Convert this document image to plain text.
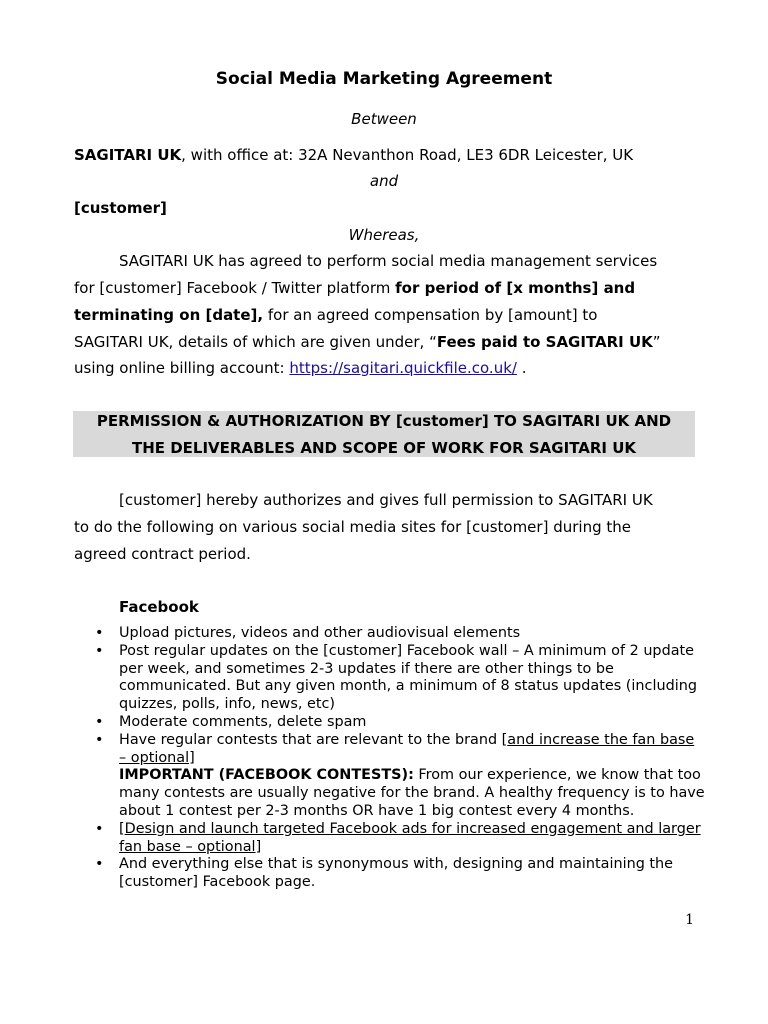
Social Media Marketing Agreement
Between
SAGITARI UK, with office at: 32A Nevanthon Road, LE3 6DR Leicester, UK
and
[customer]
Whereas,
SAGITARI UK has agreed to perform social media management services
for [customer] Facebook / Twitter platform for period of [x months] and
terminating on [date], for an agreed compensation by [amount] to
SAGITARI UK, details of which are given under, “Fees paid to SAGITARI UK”
using online billing account: https://sagitari.quickfile.co.uk/ .
PERMISSION & AUTHORIZATION BY [customer] TO SAGITARI UK AND
THE DELIVERABLES AND SCOPE OF WORK FOR SAGITARI UK
[customer] hereby authorizes and gives full permission to SAGITARI UK
to do the following on various social media sites for [customer] during the
agreed contract period.
Facebook
• Upload pictures, videos and other audiovisual elements
• Post regular updates on the [customer] Facebook wall – A minimum of 2 update per week, and sometimes 2-3 updates if there are other things to be communicated. But any given month, a minimum of 8 status updates (including quizzes, polls, info, news, etc)
• Moderate comments, delete spam
• Have regular contests that are relevant to the brand [and increase the fan base – optional]
IMPORTANT (FACEBOOK CONTESTS): From our experience, we know that too many contests are usually negative for the brand. A healthy frequency is to have about 1 contest per 2-3 months OR have 1 big contest every 4 months.
• [Design and launch targeted Facebook ads for increased engagement and larger fan base – optional]
• And everything else that is synonymous with, designing and maintaining the [customer] Facebook page.
1
